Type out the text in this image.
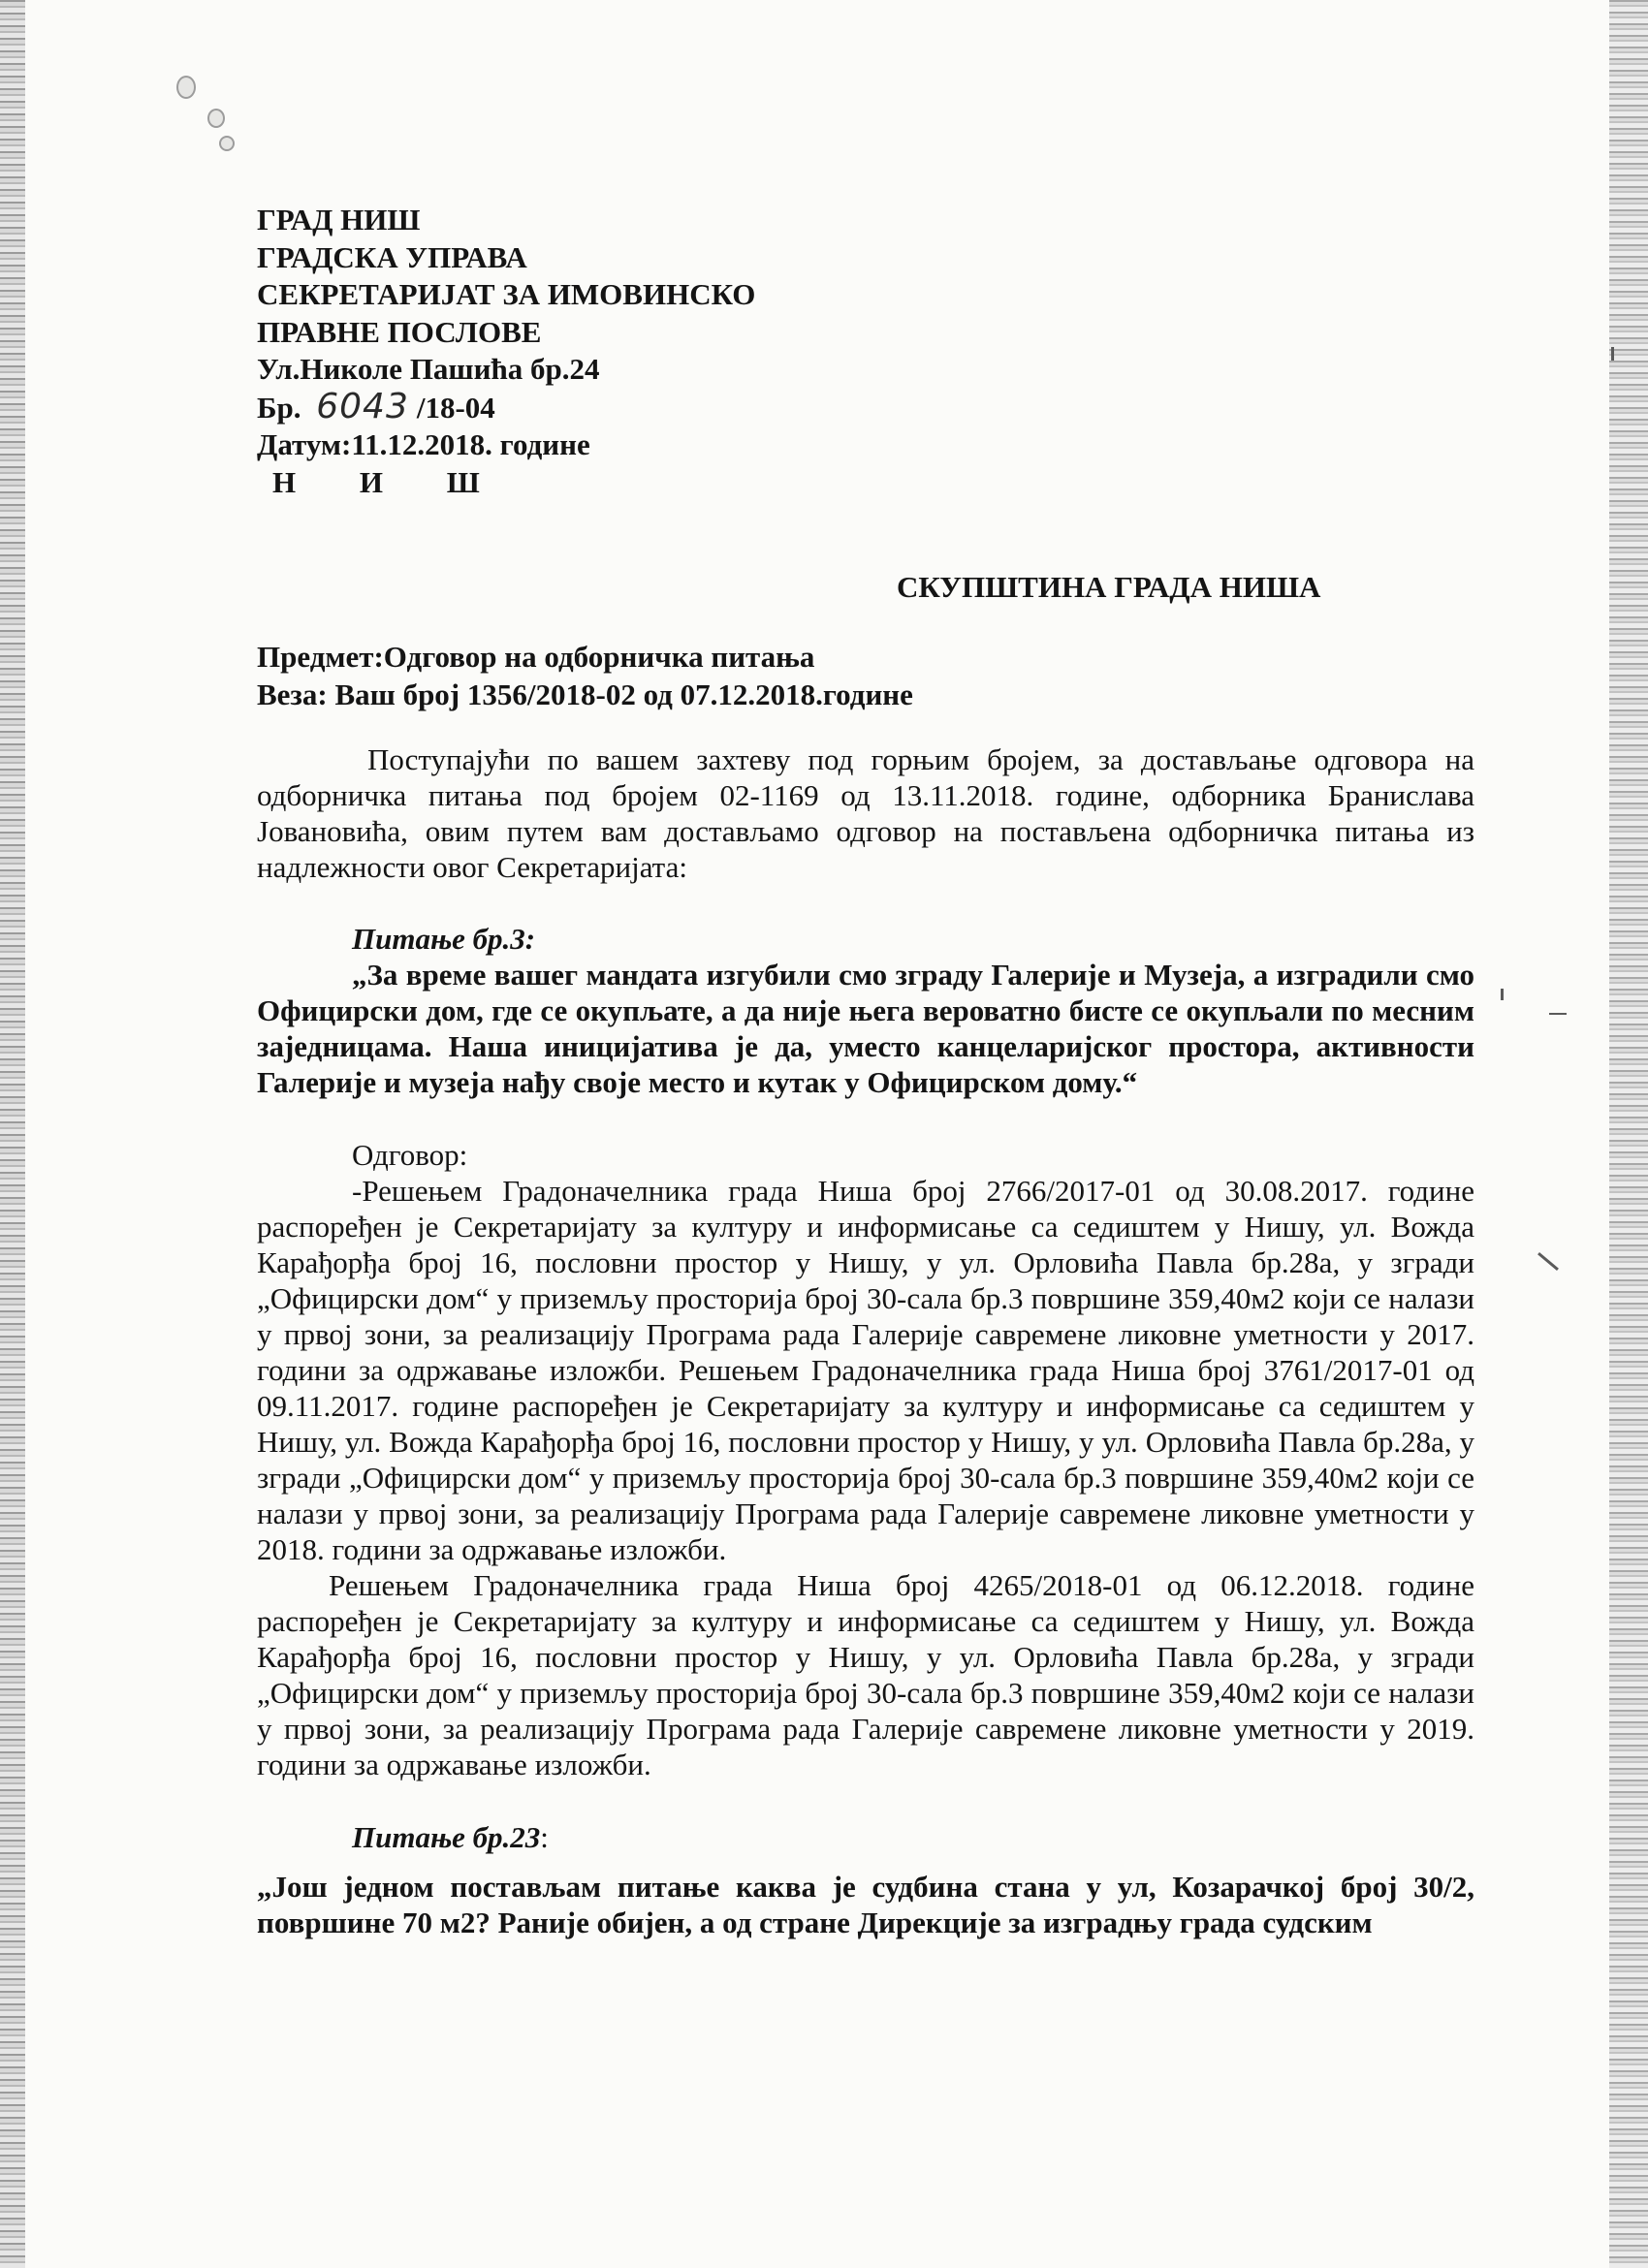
ГРАД НИШ
ГРАДСКА УПРАВА
СЕКРЕТАРИЈАТ ЗА ИМОВИНСКО
ПРАВНЕ ПОСЛОВЕ
Ул.Николе Пашића бр.24
Бр. 6043 /18-04
Датум:11.12.2018. године
Н И Ш
СКУПШТИНА ГРАДА НИША
Предмет:Одговор на одборничка питања
Веза: Ваш број 1356/2018-02 од 07.12.2018.године

Поступајући по вашем захтеву под горњим бројем, за достављање одговора на одборничка питања под бројем 02-1169 од 13.11.2018. године, одборника Бранислава Јовановића, овим путем вам достављамо одговор на постављена одборничка питања из надлежности овог Секретаријата:

Питање бр.3:

„За време вашег мандата изгубили смо зграду Галерије и Музеја, а изградили смо Официрски дом, где се окупљате, а да није њега вероватно бисте се окупљали по месним заједницама. Наша иницијатива је да, уместо канцеларијског простора, активности Галерије и музеја нађу своје место и кутак у Официрском дому.“

Одговор:

-Решењем Градоначелника града Ниша број 2766/2017-01 од 30.08.2017. године распоређен је Секретаријату за културу и информисање са седиштем у Нишу, ул. Вожда Карађорђа број 16, пословни простор у Нишу, у ул. Орловића Павла бр.28а, у згради „Официрски дом“ у приземљу просторија број 30-сала бр.3 површине 359,40м2 који се налази у првој зони, за реализацију Програма рада Галерије савремене ликовне уметности у 2017. години за одржавање изложби. Решењем Градоначелника града Ниша број 3761/2017-01 од 09.11.2017. године распоређен је Секретаријату за културу и информисање са седиштем у Нишу, ул. Вожда Карађорђа број 16, пословни простор у Нишу, у ул. Орловића Павла бр.28а, у згради „Официрски дом“ у приземљу просторија број 30-сала бр.3 површине 359,40м2 који се налази у првој зони, за реализацију Програма рада Галерије савремене ликовне уметности у 2018. години за одржавање изложби.

Решењем Градоначелника града Ниша број 4265/2018-01 од 06.12.2018. године распоређен је Секретаријату за културу и информисање са седиштем у Нишу, ул. Вожда Карађорђа број 16, пословни простор у Нишу, у ул. Орловића Павла бр.28а, у згради „Официрски дом“ у приземљу просторија број 30-сала бр.3 површине 359,40м2 који се налази у првој зони, за реализацију Програма рада Галерије савремене ликовне уметности у 2019. години за одржавање изложби.

Питање бр.23:

„Још једном постављам питање каква је судбина стана у ул, Козарачкој број 30/2, површине 70 м2? Раније обијен, а од стране Дирекције за изградњу града судским
